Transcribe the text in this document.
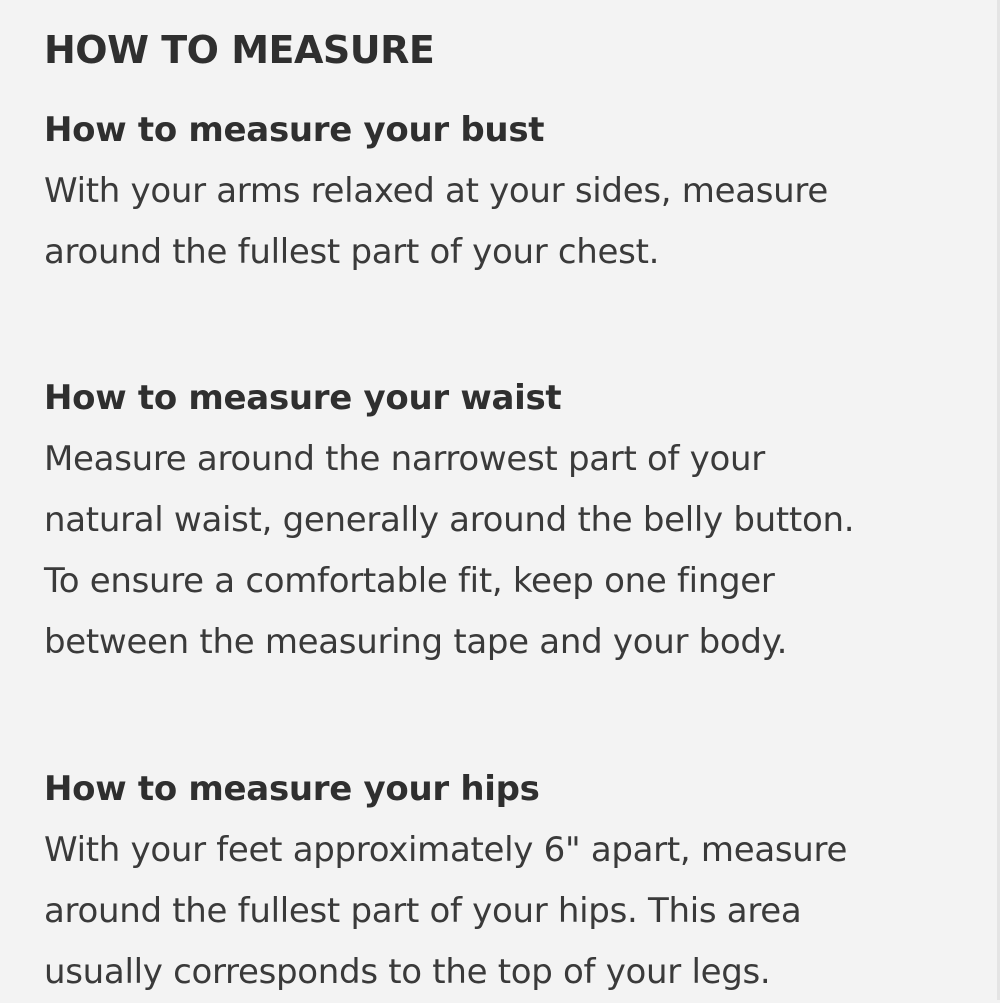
HOW TO MEASURE
How to measure your bust
With your arms relaxed at your sides, measure
around the fullest part of your chest.
How to measure your waist
Measure around the narrowest part of your
natural waist, generally around the belly button.
To ensure a comfortable fit, keep one finger
between the measuring tape and your body.
How to measure your hips
With your feet approximately 6" apart, measure
around the fullest part of your hips. This area
usually corresponds to the top of your legs.
